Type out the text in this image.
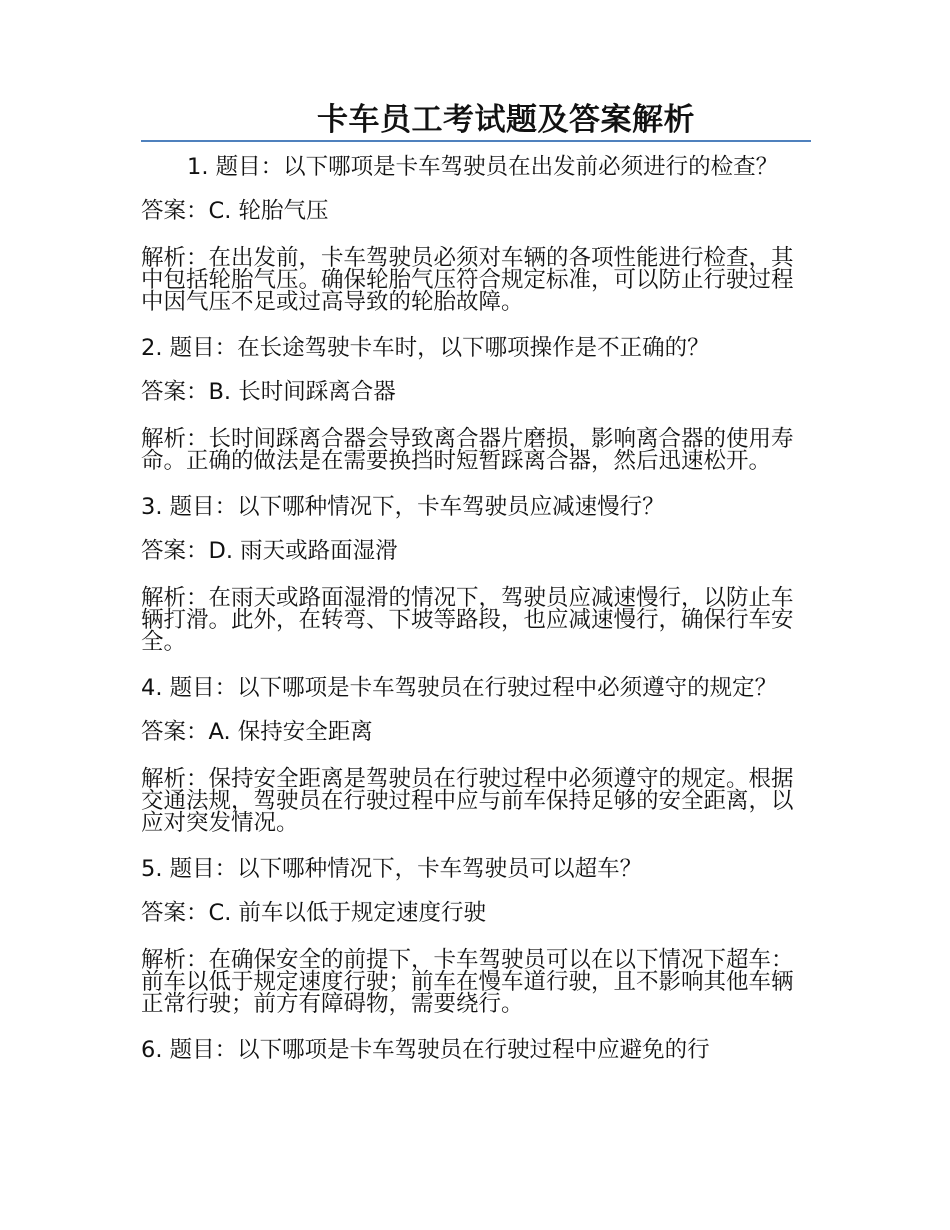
卡车员工考试题及答案解析

1. 题目：以下哪项是卡车驾驶员在出发前必须进行的检查？

答案：C. 轮胎气压

解析：在出发前，卡车驾驶员必须对车辆的各项性能进行检查，其中包括轮胎气压。确保轮胎气压符合规定标准，可以防止行驶过程中因气压不足或过高导致的轮胎故障。

2. 题目：在长途驾驶卡车时，以下哪项操作是不正确的？

答案：B. 长时间踩离合器

解析：长时间踩离合器会导致离合器片磨损，影响离合器的使用寿命。正确的做法是在需要换挡时短暂踩离合器，然后迅速松开。

3. 题目：以下哪种情况下，卡车驾驶员应减速慢行？

答案：D. 雨天或路面湿滑

解析：在雨天或路面湿滑的情况下，驾驶员应减速慢行，以防止车辆打滑。此外，在转弯、下坡等路段，也应减速慢行，确保行车安全。

4. 题目：以下哪项是卡车驾驶员在行驶过程中必须遵守的规定？

答案：A. 保持安全距离

解析：保持安全距离是驾驶员在行驶过程中必须遵守的规定。根据交通法规，驾驶员在行驶过程中应与前车保持足够的安全距离，以应对突发情况。

5. 题目：以下哪种情况下，卡车驾驶员可以超车？

答案：C. 前车以低于规定速度行驶

解析：在确保安全的前提下，卡车驾驶员可以在以下情况下超车：前车以低于规定速度行驶；前车在慢车道行驶，且不影响其他车辆正常行驶；前方有障碍物，需要绕行。

6. 题目：以下哪项是卡车驾驶员在行驶过程中应避免的行
